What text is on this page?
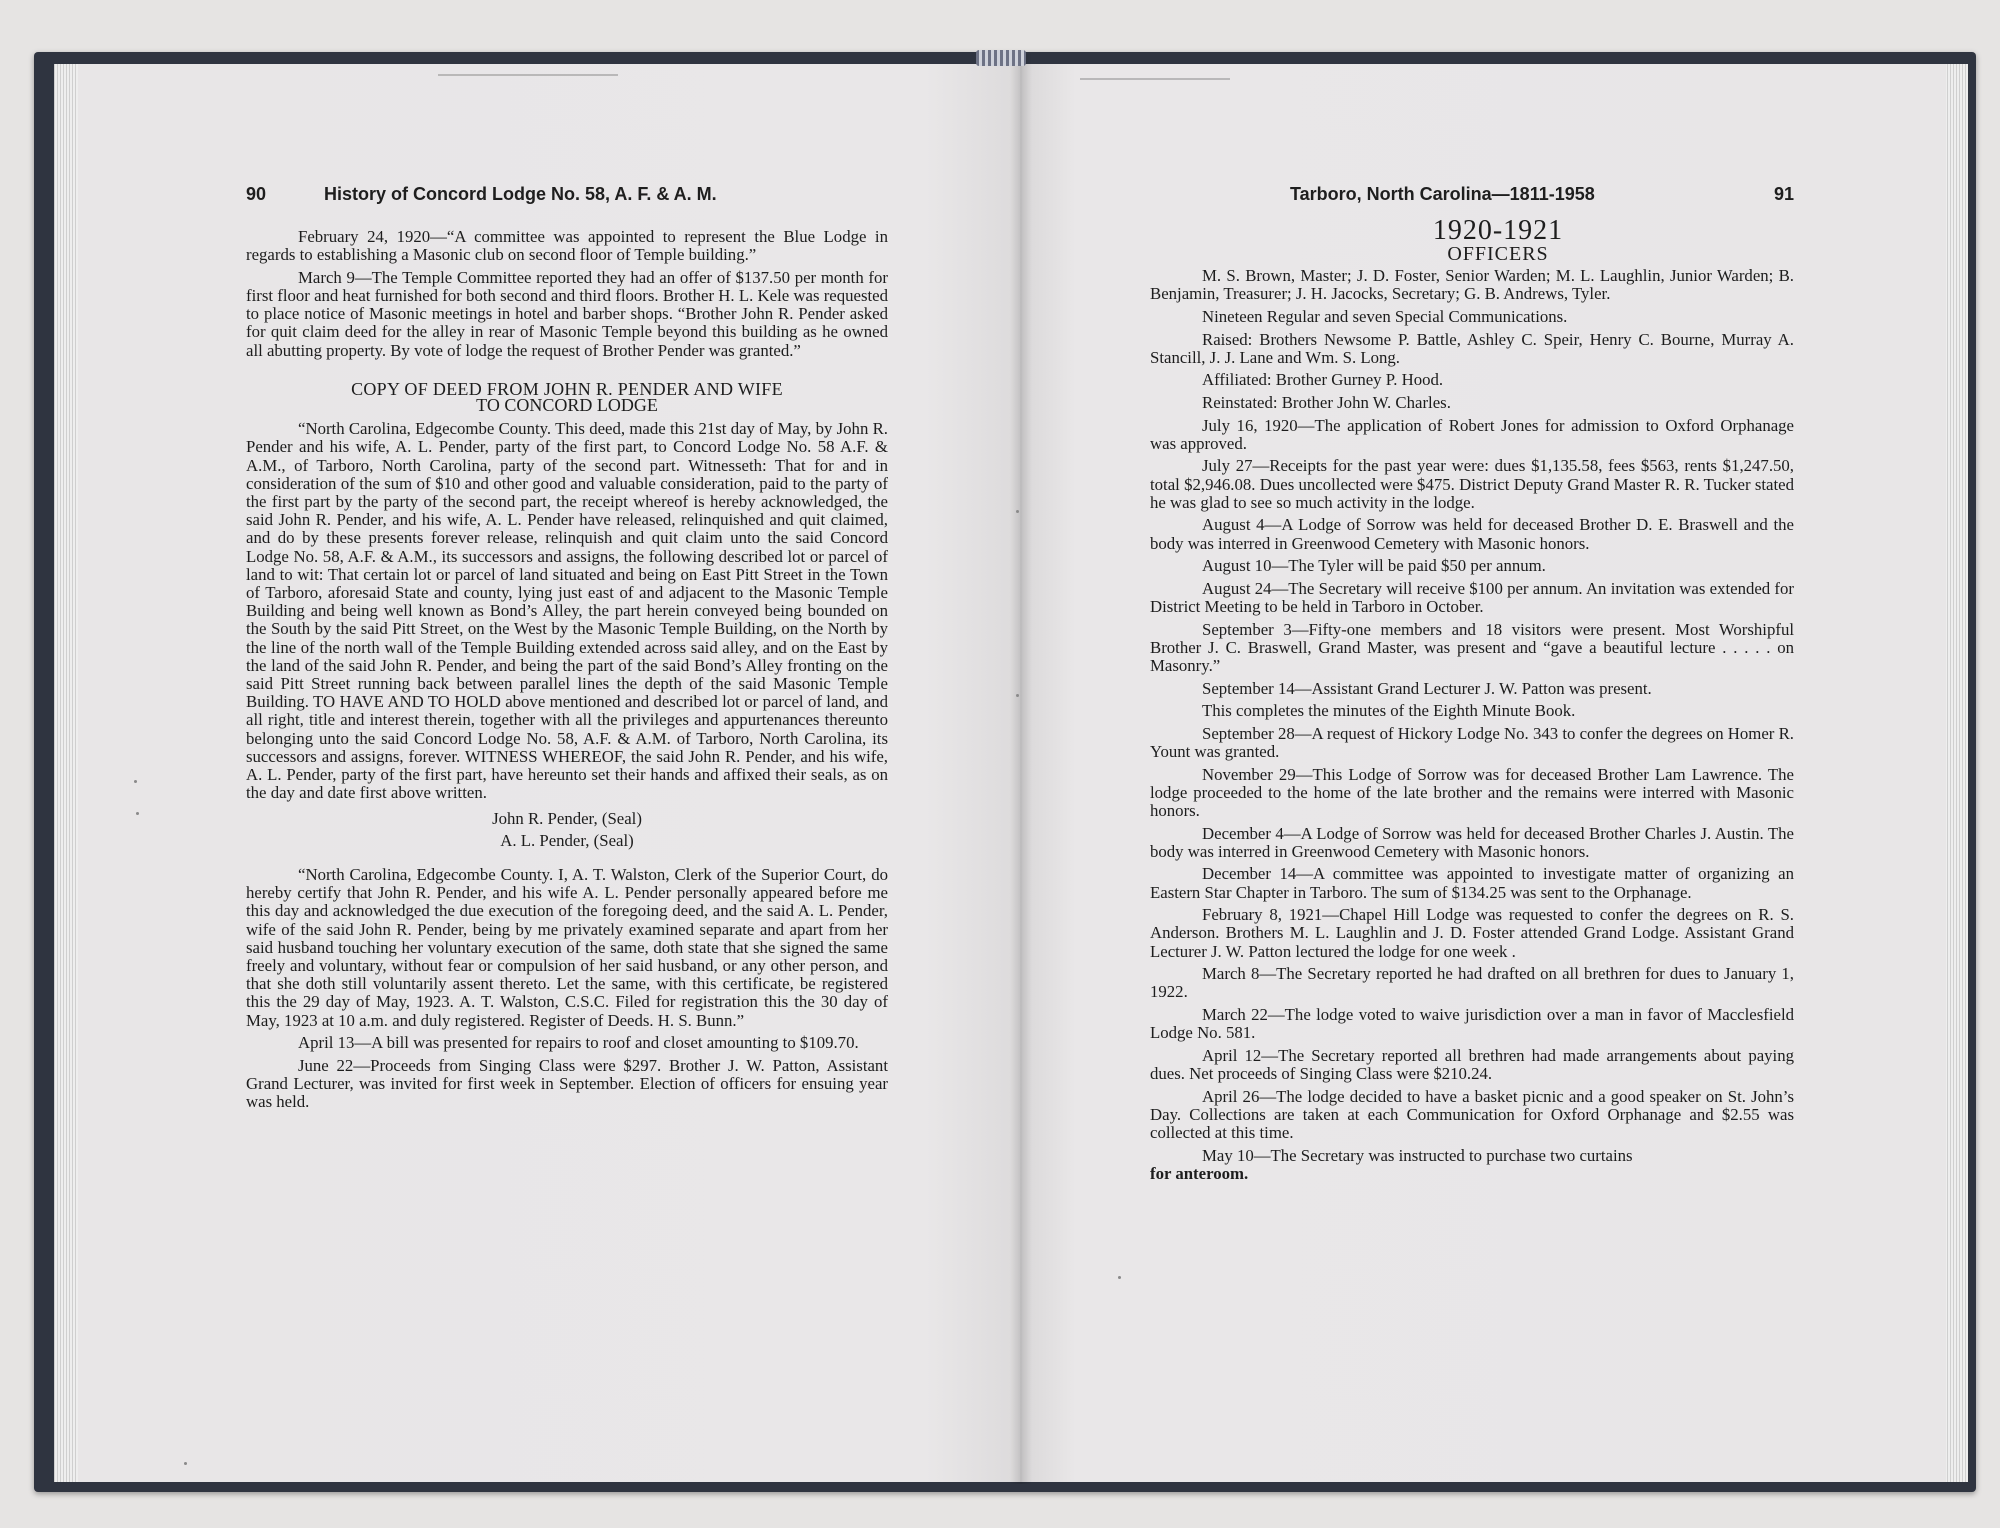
90	History of Concord Lodge No. 58, A. F. & A. M.

February 24, 1920—“A committee was appointed to represent the Blue Lodge in regards to establishing a Masonic club on second floor of Temple building.”

March 9—The Temple Committee reported they had an offer of $137.50 per month for first floor and heat furnished for both second and third floors. Brother H. L. Kele was requested to place notice of Masonic meetings in hotel and barber shops. “Brother John R. Pender asked for quit claim deed for the alley in rear of Masonic Temple beyond this building as he owned all abutting property. By vote of lodge the request of Brother Pender was granted.”

COPY OF DEED FROM JOHN R. PENDER AND WIFE

TO CONCORD LODGE

“North Carolina, Edgecombe County. This deed, made this 21st day of May, by John R. Pender and his wife, A. L. Pender, party of the first part, to Concord Lodge No. 58 A.F. & A.M., of Tarboro, North Carolina, party of the second part. Witnesseth: That for and in consideration of the sum of $10 and other good and valuable consideration, paid to the party of the first part by the party of the second part, the receipt whereof is hereby acknowledged, the said John R. Pender, and his wife, A. L. Pender have released, relinquished and quit claimed, and do by these presents forever release, relinquish and quit claim unto the said Concord Lodge No. 58, A.F. & A.M., its successors and assigns, the following described lot or parcel of land to wit: That certain lot or parcel of land situated and being on East Pitt Street in the Town of Tarboro, aforesaid State and county, lying just east of and adjacent to the Masonic Temple Building and being well known as Bond’s Alley, the part herein conveyed being bounded on the South by the said Pitt Street, on the West by the Masonic Temple Building, on the North by the line of the north wall of the Temple Building extended across said alley, and on the East by the land of the said John R. Pender, and being the part of the said Bond’s Alley fronting on the said Pitt Street running back between parallel lines the depth of the said Masonic Temple Building. TO HAVE AND TO HOLD above mentioned and described lot or parcel of land, and all right, title and interest therein, together with all the privileges and appurtenances thereunto belonging unto the said Concord Lodge No. 58, A.F. & A.M. of Tarboro, North Carolina, its successors and assigns, forever. WITNESS WHEREOF, the said John R. Pender, and his wife, A. L. Pender, party of the first part, have hereunto set their hands and affixed their seals, as on the day and date first above written.

John R. Pender, (Seal)

A. L. Pender, (Seal)

“North Carolina, Edgecombe County. I, A. T. Walston, Clerk of the Superior Court, do hereby certify that John R. Pender, and his wife A. L. Pender personally appeared before me this day and acknowledged the due execution of the foregoing deed, and the said A. L. Pender, wife of the said John R. Pender, being by me privately examined separate and apart from her said husband touching her voluntary execution of the same, doth state that she signed the same freely and voluntary, without fear or compulsion of her said husband, or any other person, and that she doth still voluntarily assent thereto. Let the same, with this certificate, be registered this the 29 day of May, 1923. A. T. Walston, C.S.C. Filed for registration this the 30 day of May, 1923 at 10 a.m. and duly registered. Register of Deeds. H. S. Bunn.”

April 13—A bill was presented for repairs to roof and closet amounting to $109.70.

June 22—Proceeds from Singing Class were $297. Brother J. W. Patton, Assistant Grand Lecturer, was invited for first week in September. Election of officers for ensuing year was held.

Tarboro, North Carolina—1811-1958	91

1920-1921

OFFICERS

M. S. Brown, Master; J. D. Foster, Senior Warden; M. L. Laughlin, Junior Warden; B. Benjamin, Treasurer; J. H. Jacocks, Secretary; G. B. Andrews, Tyler.

Nineteen Regular and seven Special Communications.

Raised: Brothers Newsome P. Battle, Ashley C. Speir, Henry C. Bourne, Murray A. Stancill, J. J. Lane and Wm. S. Long.

Affiliated: Brother Gurney P. Hood.

Reinstated: Brother John W. Charles.

July 16, 1920—The application of Robert Jones for admission to Oxford Orphanage was approved.

July 27—Receipts for the past year were: dues $1,135.58, fees $563, rents $1,247.50, total $2,946.08. Dues uncollected were $475. District Deputy Grand Master R. R. Tucker stated he was glad to see so much activity in the lodge.

August 4—A Lodge of Sorrow was held for deceased Brother D. E. Braswell and the body was interred in Greenwood Cemetery with Masonic honors.

August 10—The Tyler will be paid $50 per annum.

August 24—The Secretary will receive $100 per annum. An invitation was extended for District Meeting to be held in Tarboro in October.

September 3—Fifty-one members and 18 visitors were present. Most Worshipful Brother J. C. Braswell, Grand Master, was present and “gave a beautiful lecture . . . . . on Masonry.”

September 14—Assistant Grand Lecturer J. W. Patton was present.

This completes the minutes of the Eighth Minute Book.

September 28—A request of Hickory Lodge No. 343 to confer the degrees on Homer R. Yount was granted.

November 29—This Lodge of Sorrow was for deceased Brother Lam Lawrence. The lodge proceeded to the home of the late brother and the remains were interred with Masonic honors.

December 4—A Lodge of Sorrow was held for deceased Brother Charles J. Austin. The body was interred in Greenwood Cemetery with Masonic honors.

December 14—A committee was appointed to investigate matter of organizing an Eastern Star Chapter in Tarboro. The sum of $134.25 was sent to the Orphanage.

February 8, 1921—Chapel Hill Lodge was requested to confer the degrees on R. S. Anderson. Brothers M. L. Laughlin and J. D. Foster attended Grand Lodge. Assistant Grand Lecturer J. W. Patton lectured the lodge for one week .

March 8—The Secretary reported he had drafted on all brethren for dues to January 1, 1922.

March 22—The lodge voted to waive jurisdiction over a man in favor of Macclesfield Lodge No. 581.

April 12—The Secretary reported all brethren had made arrangements about paying dues. Net proceeds of Singing Class were $210.24.

April 26—The lodge decided to have a basket picnic and a good speaker on St. John’s Day. Collections are taken at each Communication for Oxford Orphanage and $2.55 was collected at this time.

May 10—The Secretary was instructed to purchase two curtains
for anteroom.
